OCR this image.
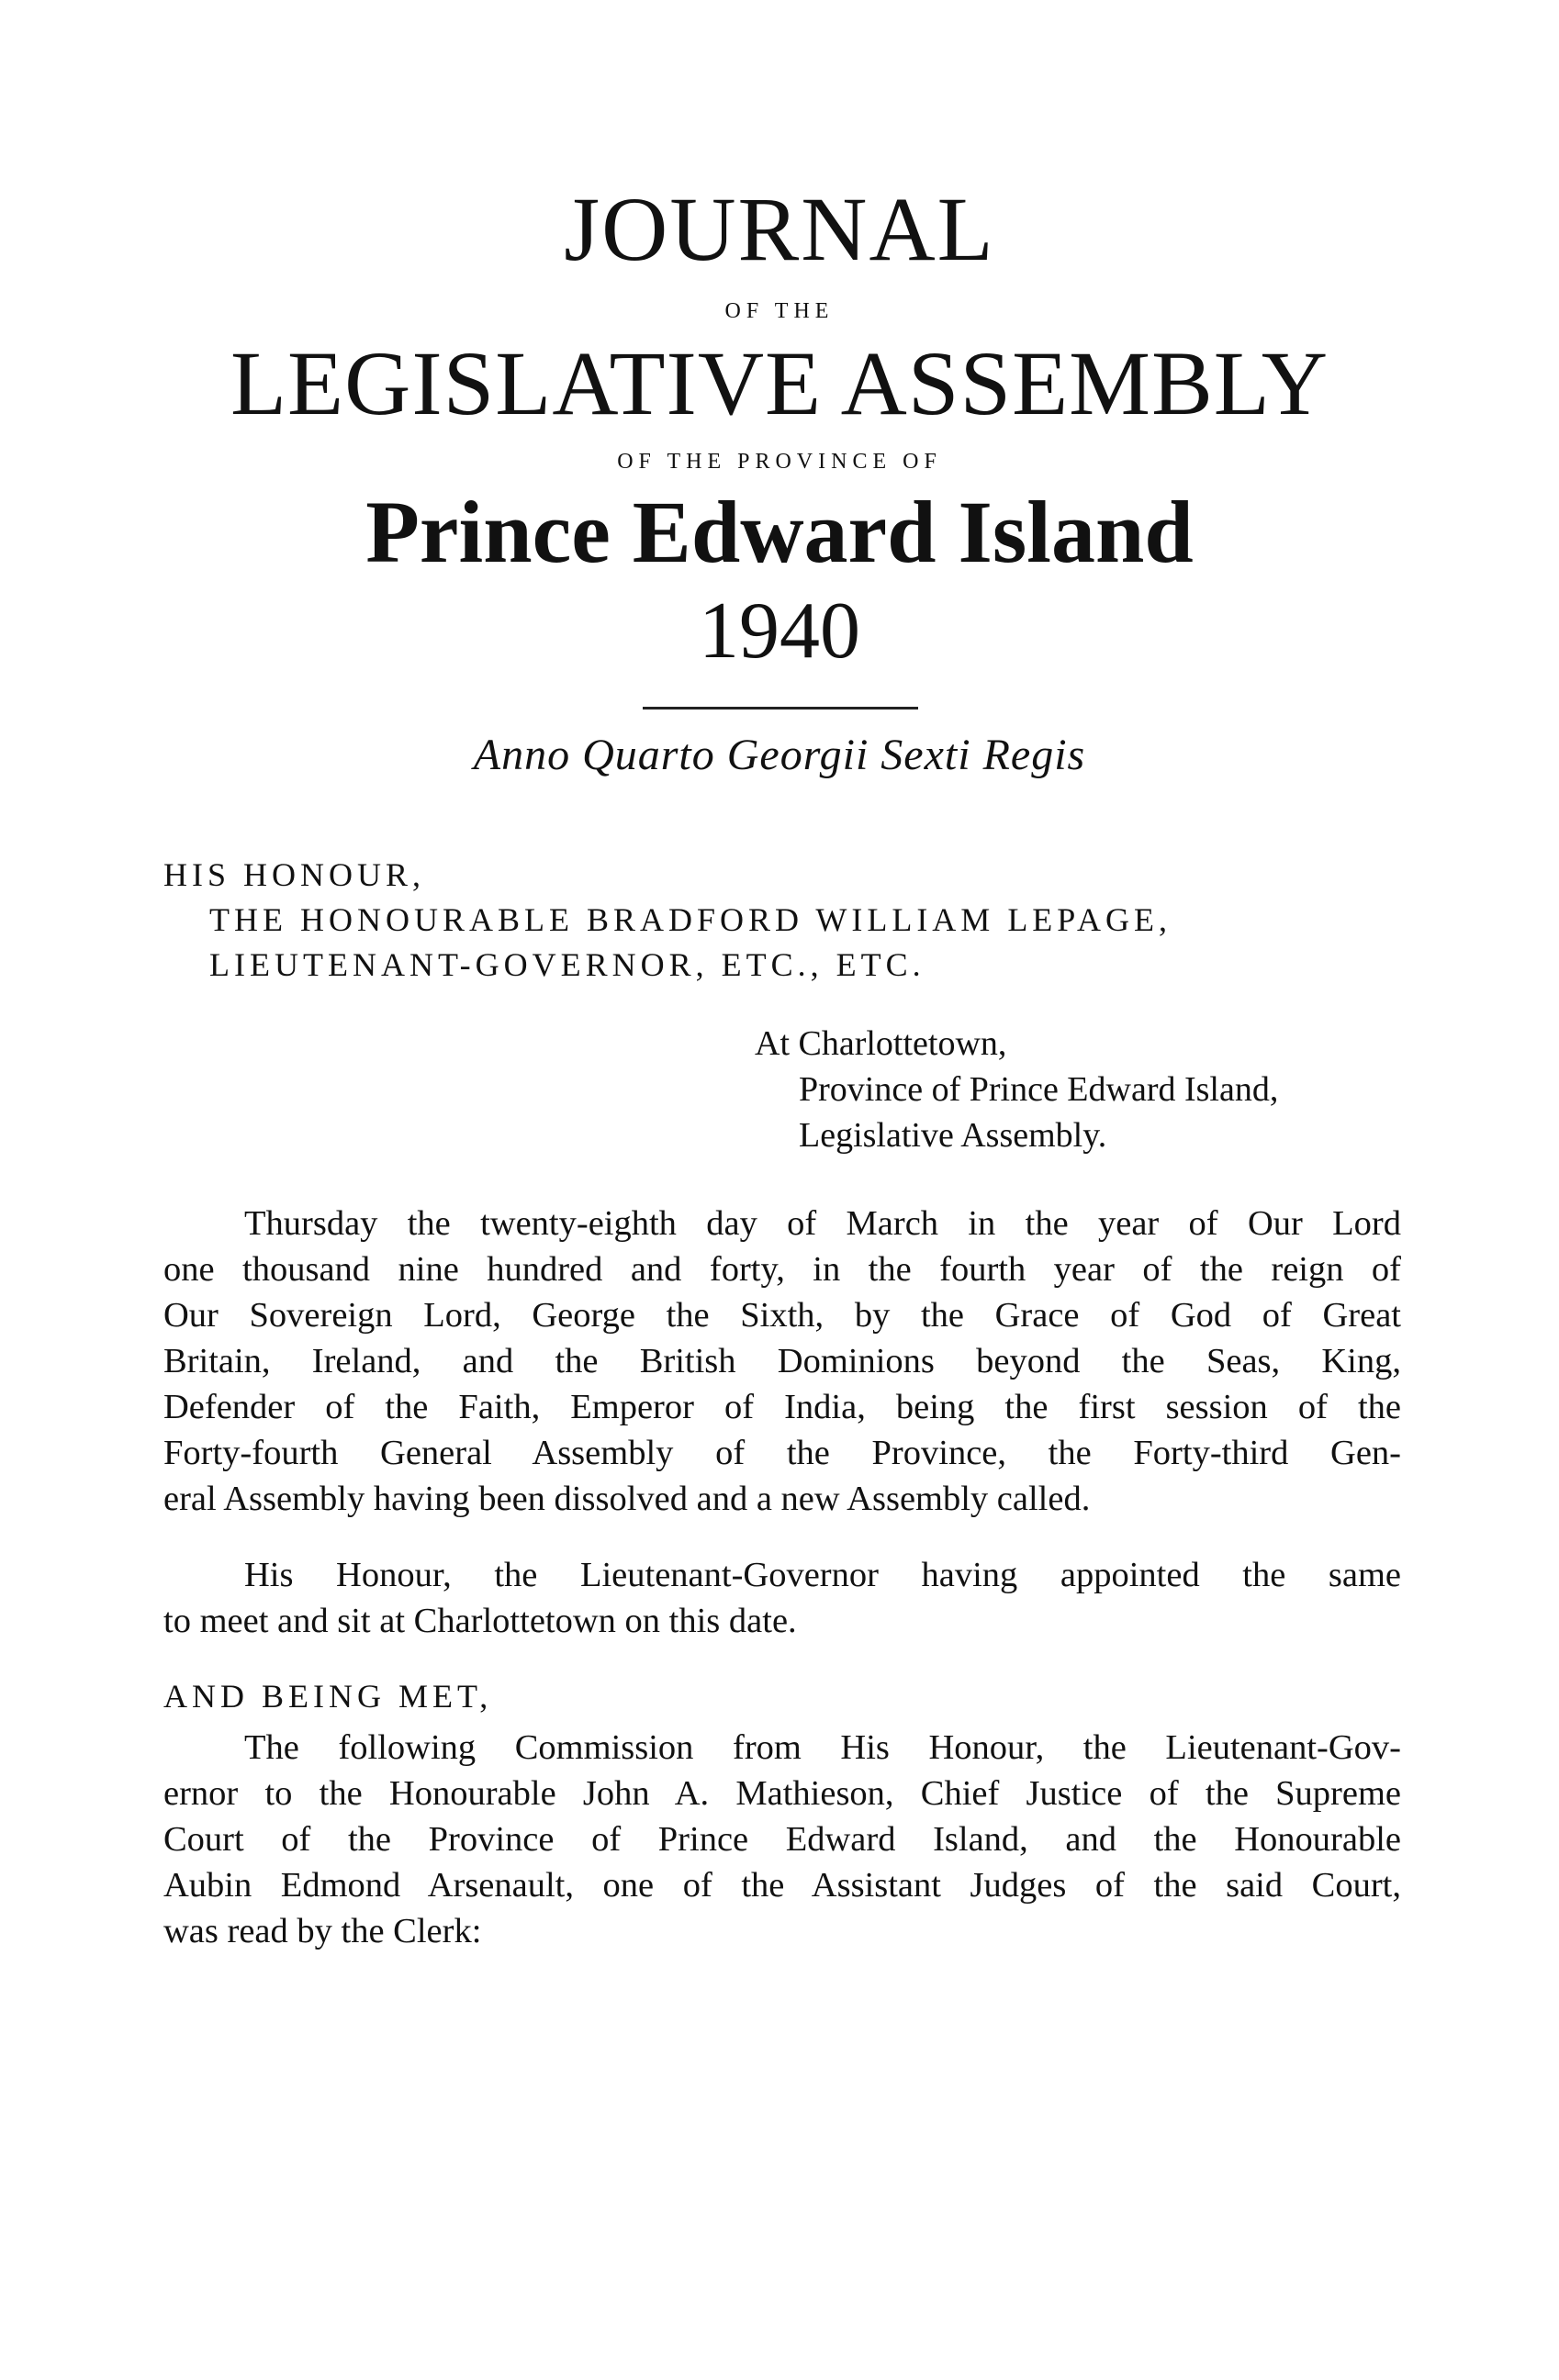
JOURNAL
OF THE
LEGISLATIVE ASSEMBLY
OF THE PROVINCE OF
Prince Edward Island
1940
Anno Quarto Georgii Sexti Regis
HIS HONOUR,
THE HONOURABLE BRADFORD WILLIAM LEPAGE,
LIEUTENANT-GOVERNOR, ETC., ETC.
At Charlottetown,
Province of Prince Edward Island,
Legislative Assembly.
Thursday the twenty-eighth day of March in the year of Our Lord
one thousand nine hundred and forty, in the fourth year of the reign of
Our Sovereign Lord, George the Sixth, by the Grace of God of Great
Britain, Ireland, and the British Dominions beyond the Seas, King,
Defender of the Faith, Emperor of India, being the first session of the
Forty-fourth General Assembly of the Province, the Forty-third Gen-
eral Assembly having been dissolved and a new Assembly called.
His Honour, the Lieutenant-Governor having appointed the same
to meet and sit at Charlottetown on this date.
AND BEING MET,
The following Commission from His Honour, the Lieutenant-Gov-
ernor to the Honourable John A. Mathieson, Chief Justice of the Supreme
Court of the Province of Prince Edward Island, and the Honourable
Aubin Edmond Arsenault, one of the Assistant Judges of the said Court,
was read by the Clerk:
